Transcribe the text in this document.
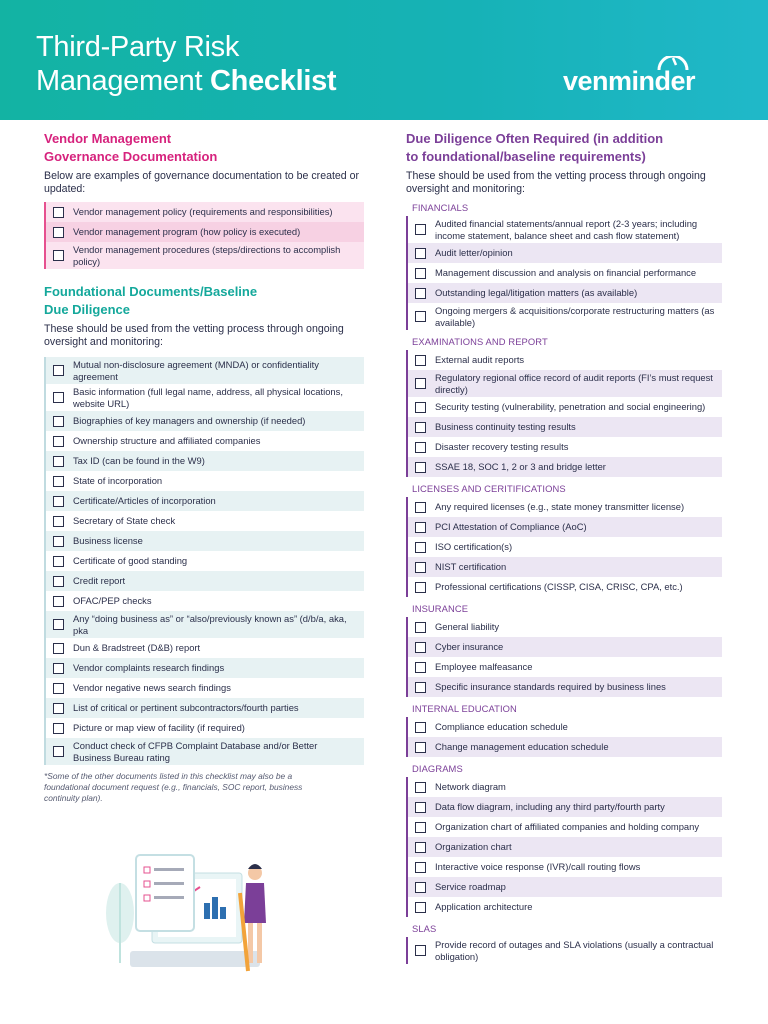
Third-Party Risk
Management Checklist	venminder
Vendor Management
Governance Documentation
Below are examples of governance documentation to be created or updated:
Vendor management policy (requirements and responsibilities)
Vendor management program (how policy is executed)
Vendor management procedures (steps/directions to accomplish policy)
Foundational Documents/Baseline
Due Diligence
These should be used from the vetting process through ongoing oversight and monitoring:
Mutual non-disclosure agreement (MNDA) or confidentiality agreement
Basic information (full legal name, address, all physical locations, website URL)
Biographies of key managers and ownership (if needed)
Ownership structure and affiliated companies
Tax ID (can be found in the W9)
State of incorporation
Certificate/Articles of incorporation
Secretary of State check
Business license
Certificate of good standing
Credit report
OFAC/PEP checks
Any “doing business as” or “also/previously known as” (d/b/a, aka, pka
Dun & Bradstreet (D&B) report
Vendor complaints research findings
Vendor negative news search findings
List of critical or pertinent subcontractors/fourth parties
Picture or map view of facility (if required)
Conduct check of CFPB Complaint Database and/or Better Business Bureau rating
*Some of the other documents listed in this checklist may also be a foundational document request (e.g., financials, SOC report, business continuity plan).
Due Diligence Often Required (in addition
to foundational/baseline requirements)
These should be used from the vetting process through ongoing oversight and monitoring:
FINANCIALS
Audited financial statements/annual report (2-3 years; including income statement, balance sheet and cash flow statement)
Audit letter/opinion
Management discussion and analysis on financial performance
Outstanding legal/litigation matters (as available)
Ongoing mergers & acquisitions/corporate restructuring matters (as available)
EXAMINATIONS AND REPORT
External audit reports
Regulatory regional office record of audit reports (FI’s must request directly)
Security testing (vulnerability, penetration and social engineering)
Business continuity testing results
Disaster recovery testing results
SSAE 18, SOC 1, 2 or 3 and bridge letter
LICENSES AND CERITIFICATIONS
Any required licenses (e.g., state money transmitter license)
PCI Attestation of Compliance (AoC)
ISO certification(s)
NIST certification
Professional certifications (CISSP, CISA, CRISC, CPA, etc.)
INSURANCE
General liability
Cyber insurance
Employee malfeasance
Specific insurance standards required by business lines
INTERNAL EDUCATION
Compliance education schedule
Change management education schedule
DIAGRAMS
Network diagram
Data flow diagram, including any third party/fourth party
Organization chart of affiliated companies and holding company
Organization chart
Interactive voice response (IVR)/call routing flows
Service roadmap
Application architecture
SLAS
Provide record of outages and SLA violations (usually a contractual obligation)
